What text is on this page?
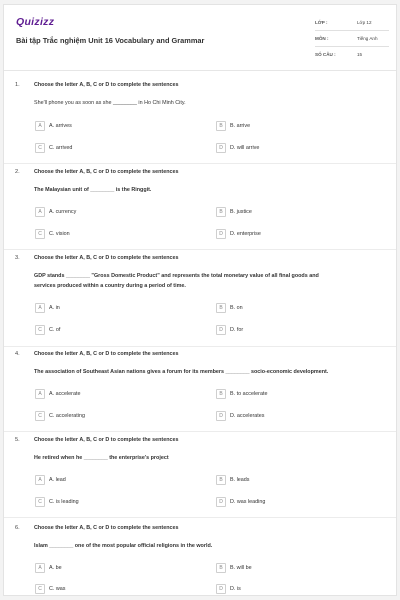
Quizizz
Bài tập Trắc nghiệm Unit 16 Vocabulary and Grammar
LỚP :	Lớp 12
MÔN :	Tiếng Anh
SỐ CÂU :	15
1.	Choose the letter A, B, C or D to complete the sentences
She'll phone you as soon as she ________ in Ho Chi Minh City.
A	A. arrives	B	B. arrive
C	C. arrived	D	D. will arrive
2.	Choose the letter A, B, C or D to complete the sentences
The Malaysian unit of ________ is the Ringgit.
A	A. currency	B	B. justice
C	C. vision	D	D. enterprise
3.	Choose the letter A, B, C or D to complete the sentences
GDP stands ________ "Gross Domestic Product" and represents the total monetary value of all final goods and
services produced within a country during a period of time.
A	A. in	B	B. on
C	C. of	D	D. for
4.	Choose the letter A, B, C or D to complete the sentences
The association of Southeast Asian nations gives a forum for its members ________ socio-economic development.
A	A. accelerate	B	B. to accelerate
C	C. accelerating	D	D. accelerates
5.	Choose the letter A, B, C or D to complete the sentences
He retired when he ________ the enterprise's project
A	A. lead	B	B. leads
C	C. is leading	D	D. was leading
6.	Choose the letter A, B, C or D to complete the sentences
Islam ________ one of the most popular official religions in the world.
A	A. be	B	B. will be
C	C. was	D	D. is
